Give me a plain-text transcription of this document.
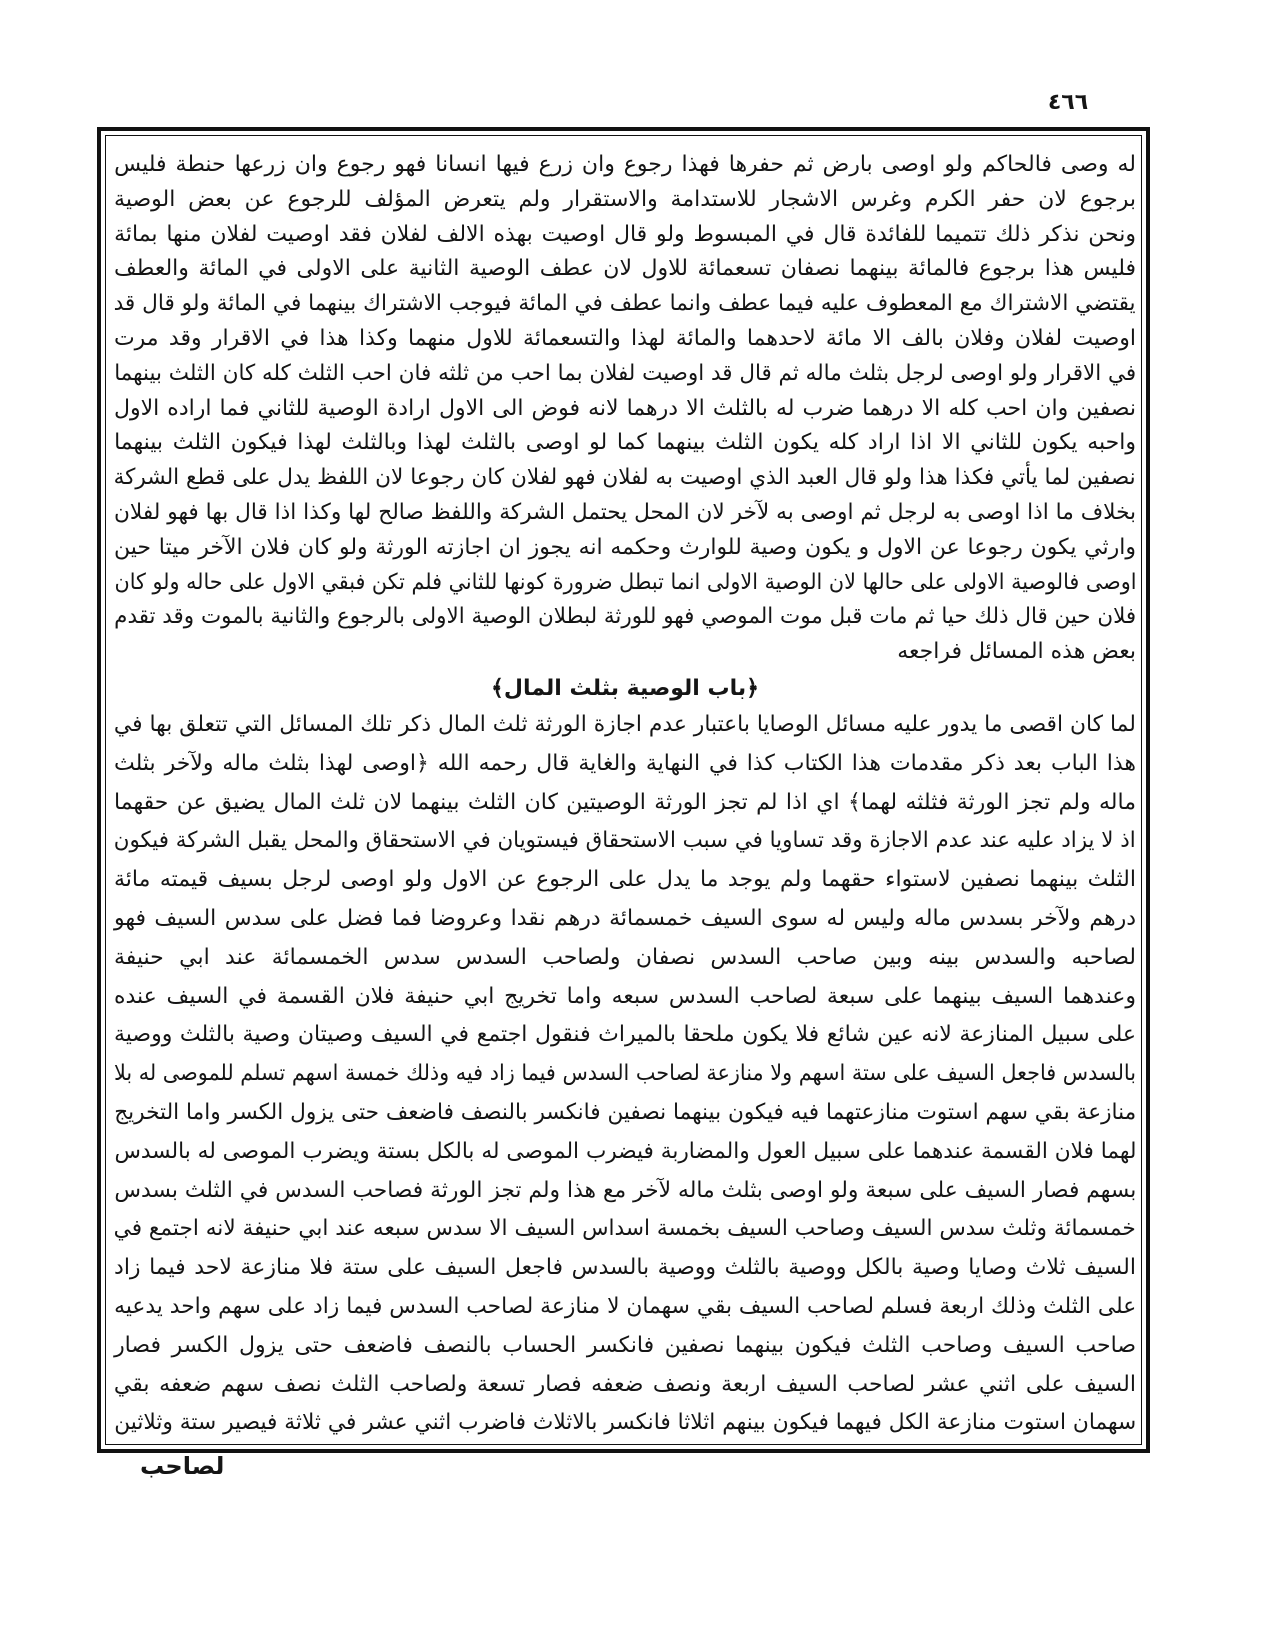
٤٦٦
له وصى فالحاكم ولو اوصى بارض ثم حفرها فهذا رجوع وان زرع فيها انسانا فهو رجوع وان زرعها حنطة فليس
برجوع لان حفر الكرم وغرس الاشجار للاستدامة والاستقرار ولم يتعرض المؤلف للرجوع عن بعض الوصية
ونحن نذكر ذلك تتميما للفائدة قال في المبسوط ولو قال اوصيت بهذه الالف لفلان فقد اوصيت لفلان منها بمائة
فليس هذا برجوع فالمائة بينهما نصفان تسعمائة للاول لان عطف الوصية الثانية على الاولى في المائة والعطف
يقتضي الاشتراك مع المعطوف عليه فيما عطف وانما عطف في المائة فيوجب الاشتراك بينهما في المائة ولو قال قد
اوصيت لفلان وفلان بالف الا مائة لاحدهما والمائة لهذا والتسعمائة للاول منهما وكذا هذا في الاقرار وقد مرت
في الاقرار ولو اوصى لرجل بثلث ماله ثم قال قد اوصيت لفلان بما احب من ثلثه فان احب الثلث كله كان الثلث بينهما
نصفين وان احب كله الا درهما ضرب له بالثلث الا درهما لانه فوض الى الاول ارادة الوصية للثاني فما اراده الاول
واحبه يكون للثاني الا اذا اراد كله يكون الثلث بينهما كما لو اوصى بالثلث لهذا وبالثلث لهذا فيكون الثلث بينهما
نصفين لما يأتي فكذا هذا ولو قال العبد الذي اوصيت به لفلان فهو لفلان كان رجوعا لان اللفظ يدل على قطع الشركة
بخلاف ما اذا اوصى به لرجل ثم اوصى به لآخر لان المحل يحتمل الشركة واللفظ صالح لها وكذا اذا قال بها فهو لفلان
وارثي يكون رجوعا عن الاول و يكون وصية للوارث وحكمه انه يجوز ان اجازته الورثة ولو كان فلان الآخر ميتا حين
اوصى فالوصية الاولى على حالها لان الوصية الاولى انما تبطل ضرورة كونها للثاني فلم تكن فبقي الاول على حاله ولو كان
فلان حين قال ذلك حيا ثم مات قبل موت الموصي فهو للورثة لبطلان الوصية الاولى بالرجوع والثانية بالموت وقد تقدم
بعض هذه المسائل فراجعه
﴿باب الوصية بثلث المال﴾
لما كان اقصى ما يدور عليه مسائل الوصايا باعتبار عدم اجازة الورثة ثلث المال ذكر تلك المسائل التي تتعلق بها في
هذا الباب بعد ذكر مقدمات هذا الكتاب كذا في النهاية والغاية قال رحمه الله ﴿اوصى لهذا بثلث ماله ولآخر بثلث
ماله ولم تجز الورثة فثلثه لهما﴾ اي اذا لم تجز الورثة الوصيتين كان الثلث بينهما لان ثلث المال يضيق عن حقهما
اذ لا يزاد عليه عند عدم الاجازة وقد تساويا في سبب الاستحقاق فيستويان في الاستحقاق والمحل يقبل الشركة فيكون
الثلث بينهما نصفين لاستواء حقهما ولم يوجد ما يدل على الرجوع عن الاول ولو اوصى لرجل بسيف قيمته مائة
درهم ولآخر بسدس ماله وليس له سوى السيف خمسمائة درهم نقدا وعروضا فما فضل على سدس السيف فهو
لصاحبه والسدس بينه وبين صاحب السدس نصفان ولصاحب السدس سدس الخمسمائة عند ابي حنيفة
وعندهما السيف بينهما على سبعة لصاحب السدس سبعه واما تخريج ابي حنيفة فلان القسمة في السيف عنده
على سبيل المنازعة لانه عين شائع فلا يكون ملحقا بالميراث فنقول اجتمع في السيف وصيتان وصية بالثلث ووصية
بالسدس فاجعل السيف على ستة اسهم ولا منازعة لصاحب السدس فيما زاد فيه وذلك خمسة اسهم تسلم للموصى له بلا
منازعة بقي سهم استوت منازعتهما فيه فيكون بينهما نصفين فانكسر بالنصف فاضعف حتى يزول الكسر واما التخريج
لهما فلان القسمة عندهما على سبيل العول والمضاربة فيضرب الموصى له بالكل بستة ويضرب الموصى له بالسدس
بسهم فصار السيف على سبعة ولو اوصى بثلث ماله لآخر مع هذا ولم تجز الورثة فصاحب السدس في الثلث بسدس
خمسمائة وثلث سدس السيف وصاحب السيف بخمسة اسداس السيف الا سدس سبعه عند ابي حنيفة لانه اجتمع في
السيف ثلاث وصايا وصية بالكل ووصية بالثلث ووصية بالسدس فاجعل السيف على ستة فلا منازعة لاحد فيما زاد
على الثلث وذلك اربعة فسلم لصاحب السيف بقي سهمان لا منازعة لصاحب السدس فيما زاد على سهم واحد يدعيه
صاحب السيف وصاحب الثلث فيكون بينهما نصفين فانكسر الحساب بالنصف فاضعف حتى يزول الكسر فصار
السيف على اثني عشر لصاحب السيف اربعة ونصف ضعفه فصار تسعة ولصاحب الثلث نصف سهم ضعفه بقي
سهمان استوت منازعة الكل فيهما فيكون بينهم اثلاثا فانكسر بالاثلاث فاضرب اثني عشر في ثلاثة فيصير ستة وثلاثين
لصاحب
